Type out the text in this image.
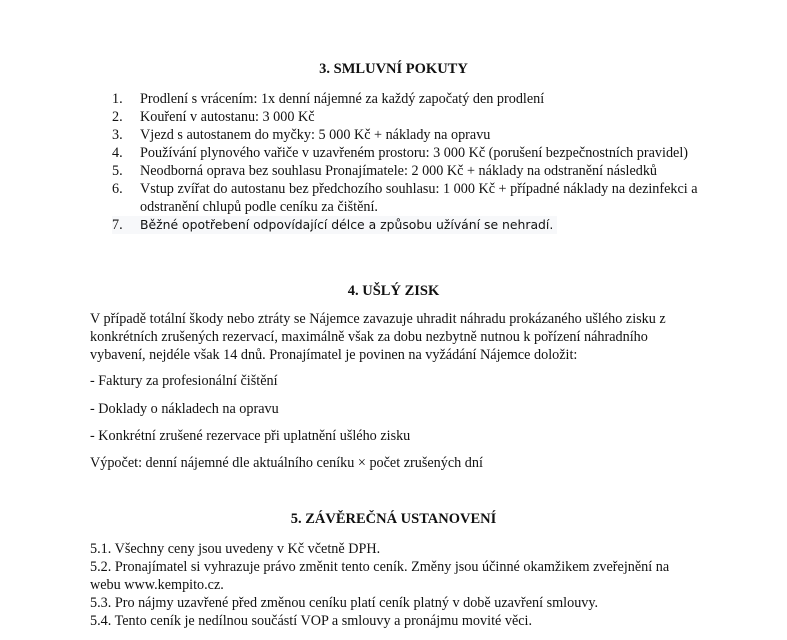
3. SMLUVNÍ POKUTY
1. Prodlení s vrácením: 1x denní nájemné za každý započatý den prodlení
2. Kouření v autostanu: 3 000 Kč
3. Vjezd s autostanem do myčky: 5 000 Kč + náklady na opravu
4. Používání plynového vařiče v uzavřeném prostoru: 3 000 Kč (porušení bezpečnostních pravidel)
5. Neodborná oprava bez souhlasu Pronajímatele: 2 000 Kč + náklady na odstranění následků
6. Vstup zvířat do autostanu bez předchozího souhlasu: 1 000 Kč + případné náklady na dezinfekci a odstranění chlupů podle ceníku za čištění.
7. Běžné opotřebení odpovídající délce a způsobu užívání se nehradí.
4. UŠLÝ ZISK

V případě totální škody nebo ztráty se Nájemce zavazuje uhradit náhradu prokázaného ušlého zisku z konkrétních zrušených rezervací, maximálně však za dobu nezbytně nutnou k pořízení náhradního vybavení, nejdéle však 14 dnů. Pronajímatel je povinen na vyžádání Nájemce doložit:

- Faktury za profesionální čištění

- Doklady o nákladech na opravu

- Konkrétní zrušené rezervace při uplatnění ušlého zisku

Výpočet: denní nájemné dle aktuálního ceníku × počet zrušených dní

5. ZÁVĚREČNÁ USTANOVENÍ

5.1. Všechny ceny jsou uvedeny v Kč včetně DPH.

5.2. Pronajímatel si vyhrazuje právo změnit tento ceník. Změny jsou účinné okamžikem zveřejnění na webu www.kempito.cz.

5.3. Pro nájmy uzavřené před změnou ceníku platí ceník platný v době uzavření smlouvy.

5.4. Tento ceník je nedílnou součástí VOP a smlouvy a pronájmu movité věci.
